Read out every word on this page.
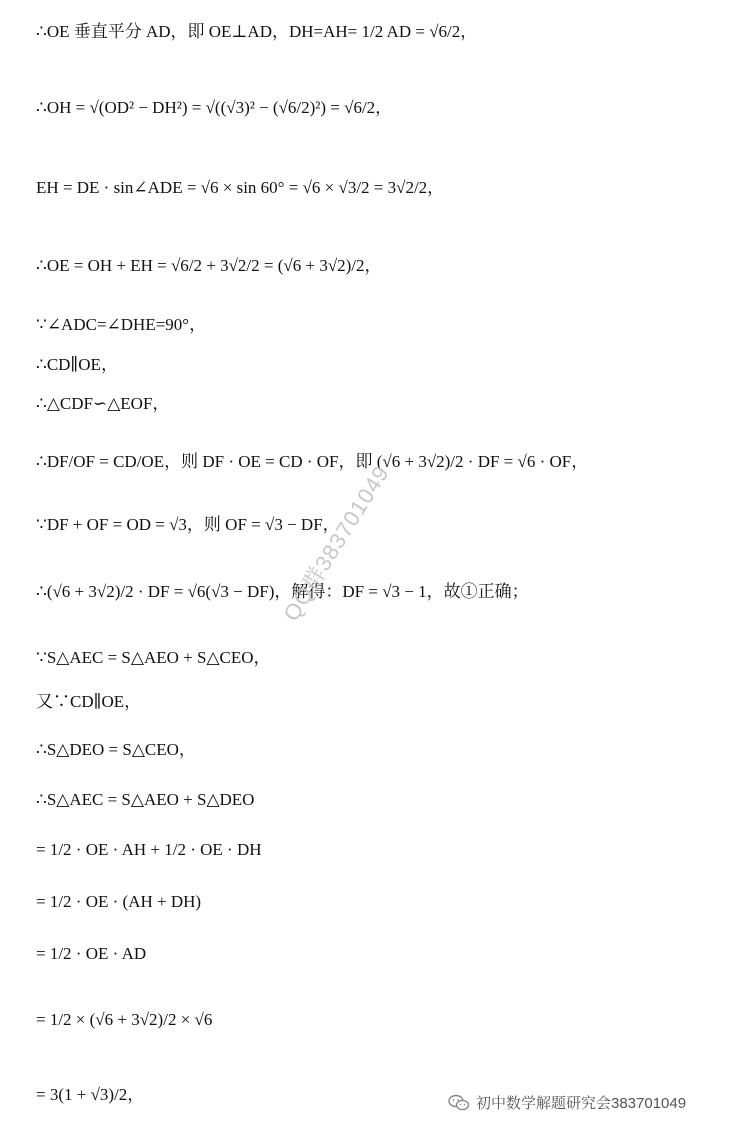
∴OE 垂直平分 AD，即 OE⊥AD，DH=AH= 1/2 AD = √6/2，
∴OH = √(OD² − DH²) = √((√3)² − (√6/2)²) = √6/2，
EH = DE · sin∠ADE = √6 × sin 60° = √6 × √3/2 = 3√2/2，
∴OE = OH + EH = √6/2 + 3√2/2 = (√6 + 3√2)/2，
∵∠ADC=∠DHE=90°，
∴CD∥OE，
∴△CDF∽△EOF，
∴DF/OF = CD/OE，则 DF · OE = CD · OF，即 (√6 + 3√2)/2 · DF = √6 · OF，
∵DF + OF = OD = √3，则 OF = √3 − DF，
∴(√6 + 3√2)/2 · DF = √6(√3 − DF)，解得：DF = √3 − 1，故①正确；
∵S△AEC = S△AEO + S△CEO，
又∵CD∥OE，
∴S△DEO = S△CEO，
∴S△AEC = S△AEO + S△DEO
= 1/2 · OE · AH + 1/2 · OE · DH
= 1/2 · OE · (AH + DH)
= 1/2 · OE · AD
= 1/2 × (√6 + 3√2)/2 × √6
= 3(1 + √3)/2，
QQ群383701049
初中数学解题研究会383701049
